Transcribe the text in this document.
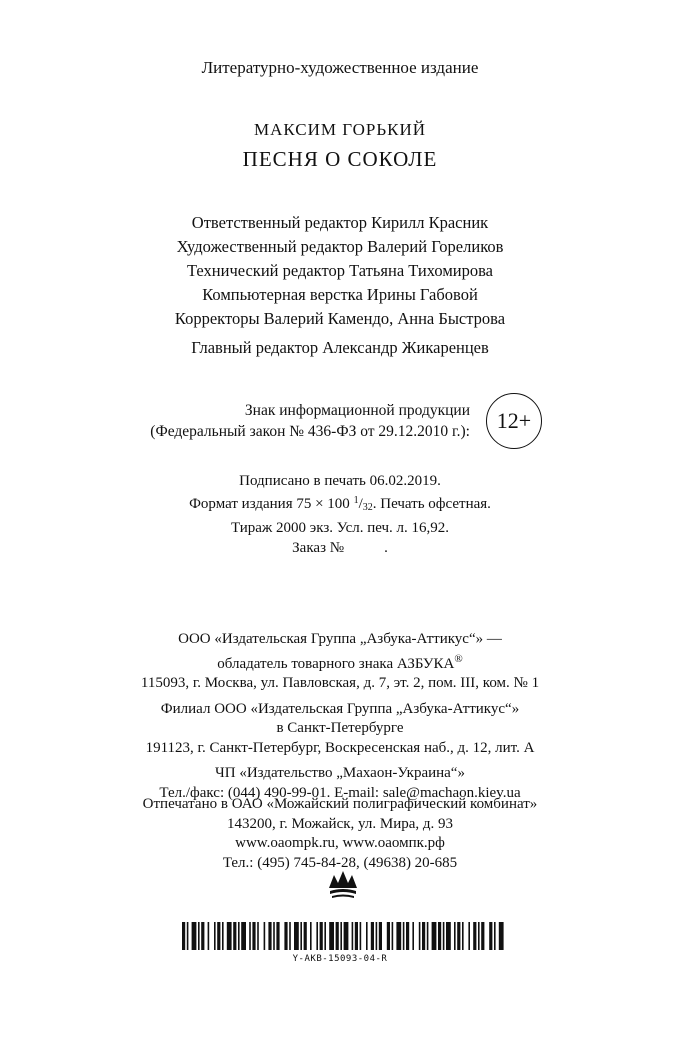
Литературно-художественное издание
МАКСИМ ГОРЬКИЙ
ПЕСНЯ О СОКОЛЕ
Ответственный редактор Кирилл Красник
Художественный редактор Валерий Гореликов
Технический редактор Татьяна Тихомирова
Компьютерная верстка Ирины Габовой
Корректоры Валерий Камендо, Анна Быстрова
Главный редактор Александр Жикаренцев
Знак информационной продукции
(Федеральный закон № 436-ФЗ от 29.12.2010 г.):	12+
Подписано в печать 06.02.2019.
Формат издания 75 × 100 $^1/_{32}$. Печать офсетная.
Тираж 2000 экз. Усл. печ. л. 16,92.
Заказ №	.
ООО «Издательская Группа „Азбука-Аттикус“» —
обладатель товарного знака АЗБУКА®
115093, г. Москва, ул. Павловская, д. 7, эт. 2, пом. III, ком. № 1
Филиал ООО «Издательская Группа „Азбука-Аттикус“»
в Санкт-Петербурге
191123, г. Санкт-Петербург, Воскресенская наб., д. 12, лит. А
ЧП «Издательство „Махаон-Украина“»
Тел./факс: (044) 490-99-01. E-mail: sale@machaon.kiev.ua
Отпечатано в ОАО «Можайский полиграфический комбинат»
143200, г. Можайск, ул. Мира, д. 93
www.oaompk.ru, www.оаомпк.рф
Тел.: (495) 745-84-28, (49638) 20-685
Y-AKB-15093-04-R
